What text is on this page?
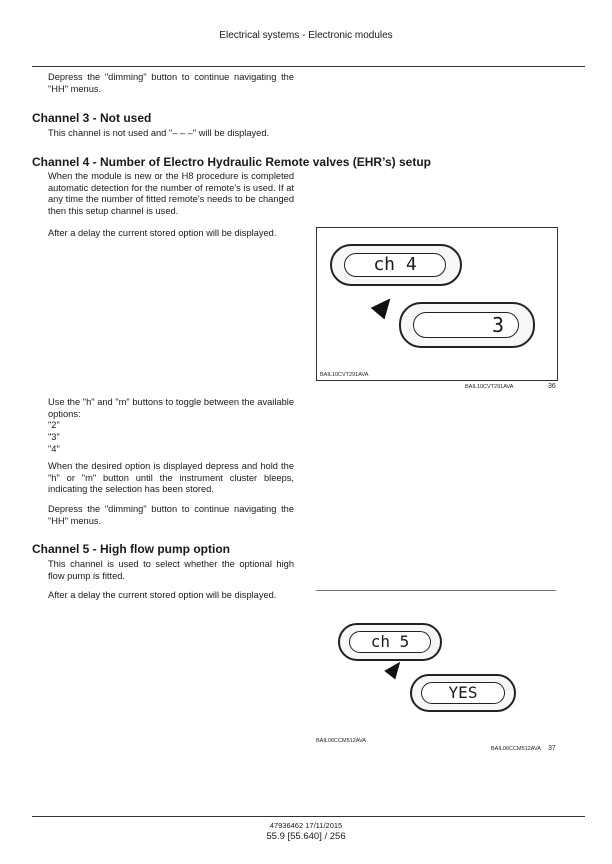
Electrical systems - Electronic modules
Depress the "dimming" button to continue navigating the "HH" menus.
Channel 3 - Not used
This channel is not used and "– – –" will be displayed.
Channel 4 - Number of Electro Hydraulic Remote valves (EHR’s) setup
When the module is new or the H8 procedure is completed automatic detection for the number of remote’s is used. If at any time the number of fitted remote’s needs to be changed then this setup channel is used.
After a delay the current stored option will be displayed.
ch 4
3
BAIL10CVT291AVA
BAIL10CVT291AVA	36
Use the "h" and "m" buttons to toggle between the available options:
"2"
"3"
"4"
When the desired option is displayed depress and hold the "h" or "m" button until the instrument cluster bleeps, indicating the selection has been stored.
Depress the "dimming" button to continue navigating the "HH" menus.
Channel 5 - High flow pump option
This channel is used to select whether the optional high flow pump is fitted.
After a delay the current stored option will be displayed.
ch 5
YES
BAIL06CCM512AVA
BAIL06CCM512AVA 37
47936462 17/11/2015
55.9 [55.640] / 256
